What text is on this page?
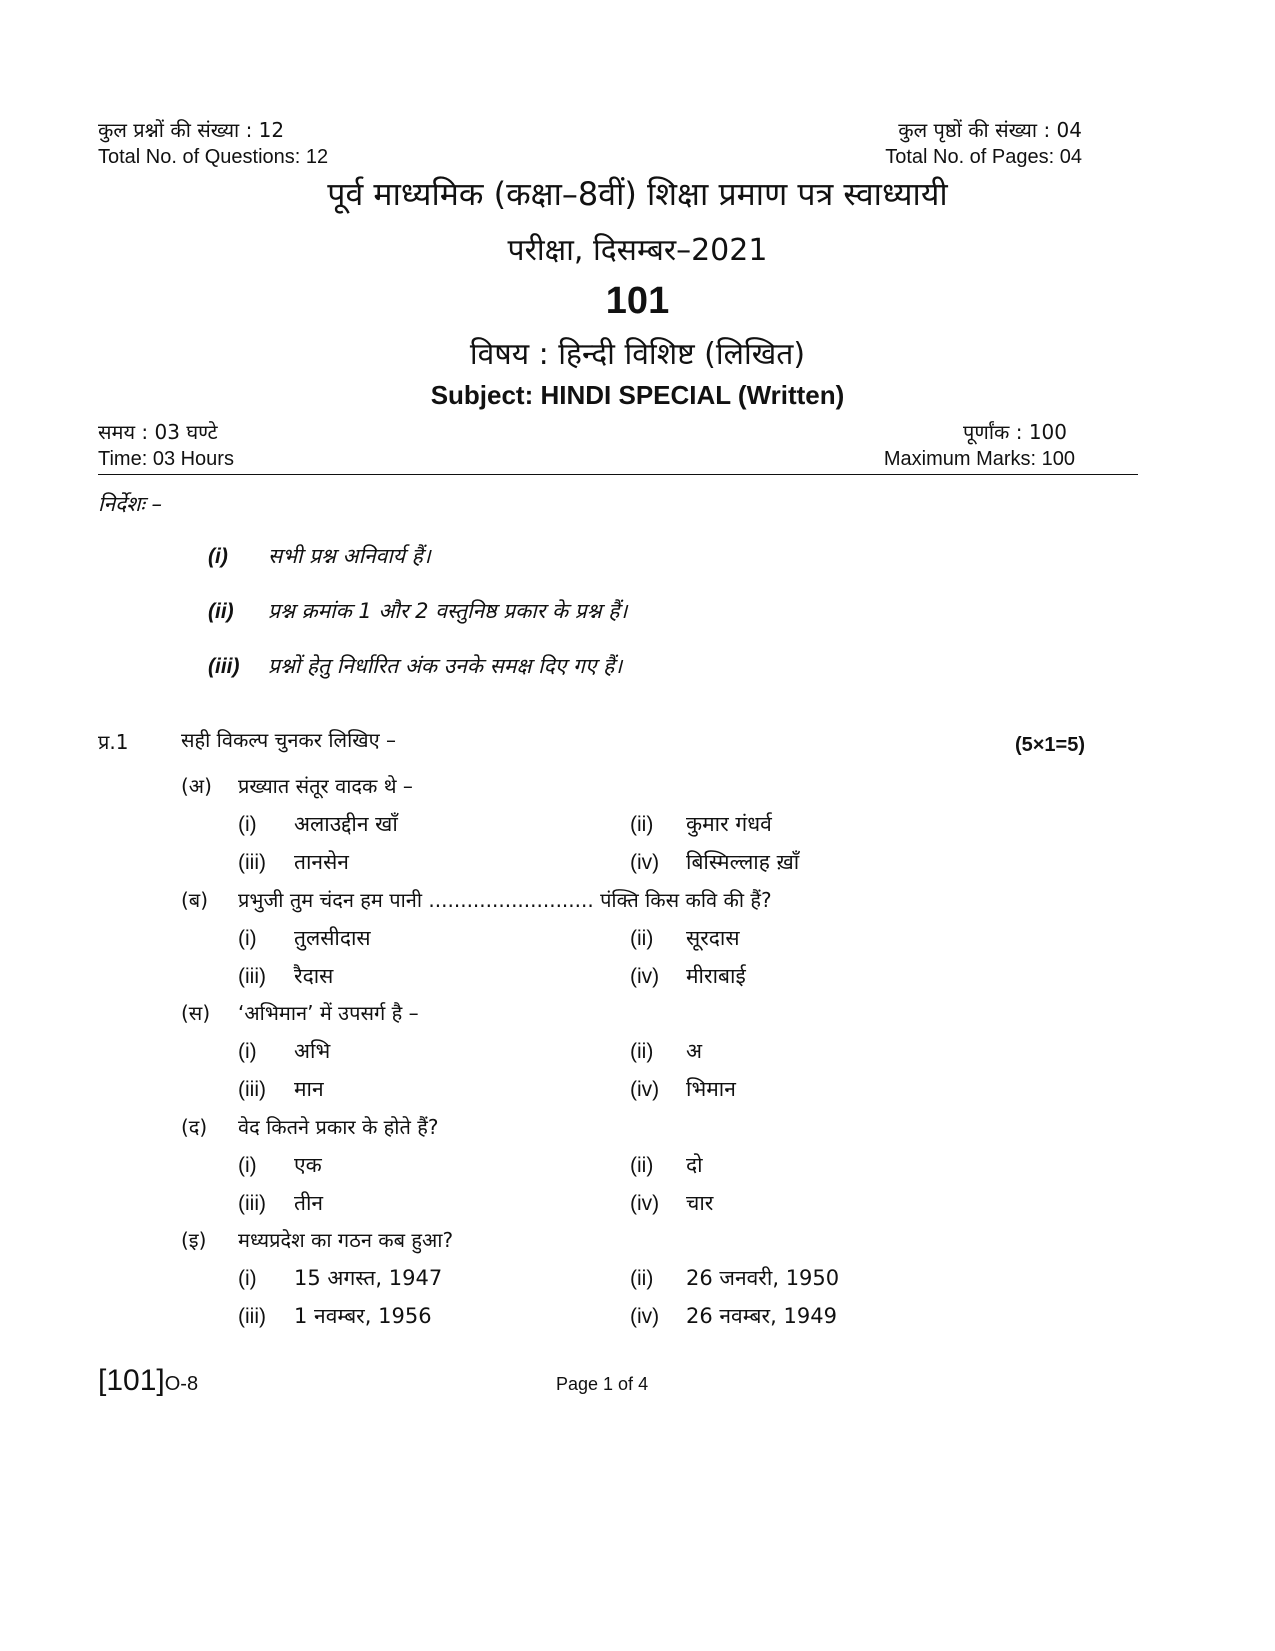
कुल प्रश्नों की संख्या : 12
Total No. of Questions: 12
कुल पृष्ठों की संख्या : 04
Total No. of Pages: 04
पूर्व माध्यमिक (कक्षा–8वीं) शिक्षा प्रमाण पत्र स्वाध्यायी
परीक्षा, दिसम्बर–2021
101
विषय : हिन्दी विशिष्ट (लिखित)
Subject: HINDI SPECIAL (Written)
समय : 03 घण्टे
Time: 03 Hours
पूर्णांक : 100
Maximum Marks: 100
निर्देशः –
(i) सभी प्रश्न अनिवार्य हैं।
(ii) प्रश्न क्रमांक 1 और 2 वस्तुनिष्ठ प्रकार के प्रश्न हैं।
(iii) प्रश्नों हेतु निर्धारित अंक उनके समक्ष दिए गए हैं।
प्र.1	सही विकल्प चुनकर लिखिए –	(5×1=5)
(अ) प्रख्यात संतूर वादक थे –
(i) अलाउद्दीन खाँ	(ii) कुमार गंधर्व
(iii) तानसेन	(iv) बिस्मिल्लाह ख़ाँ
(ब) प्रभुजी तुम चंदन हम पानी .......................... पंक्ति किस कवि की हैं?
(i) तुलसीदास	(ii) सूरदास
(iii) रैदास	(iv) मीराबाई
(स) ‘अभिमान’ में उपसर्ग है –
(i) अभि	(ii) अ
(iii) मान	(iv) भिमान
(द) वेद कितने प्रकार के होते हैं?
(i) एक	(ii) दो
(iii) तीन	(iv) चार
(इ) मध्यप्रदेश का गठन कब हुआ?
(i) 15 अगस्त, 1947	(ii) 26 जनवरी, 1950
(iii) 1 नवम्बर, 1956	(iv) 26 नवम्बर, 1949
[101]O-8	Page 1 of 4
